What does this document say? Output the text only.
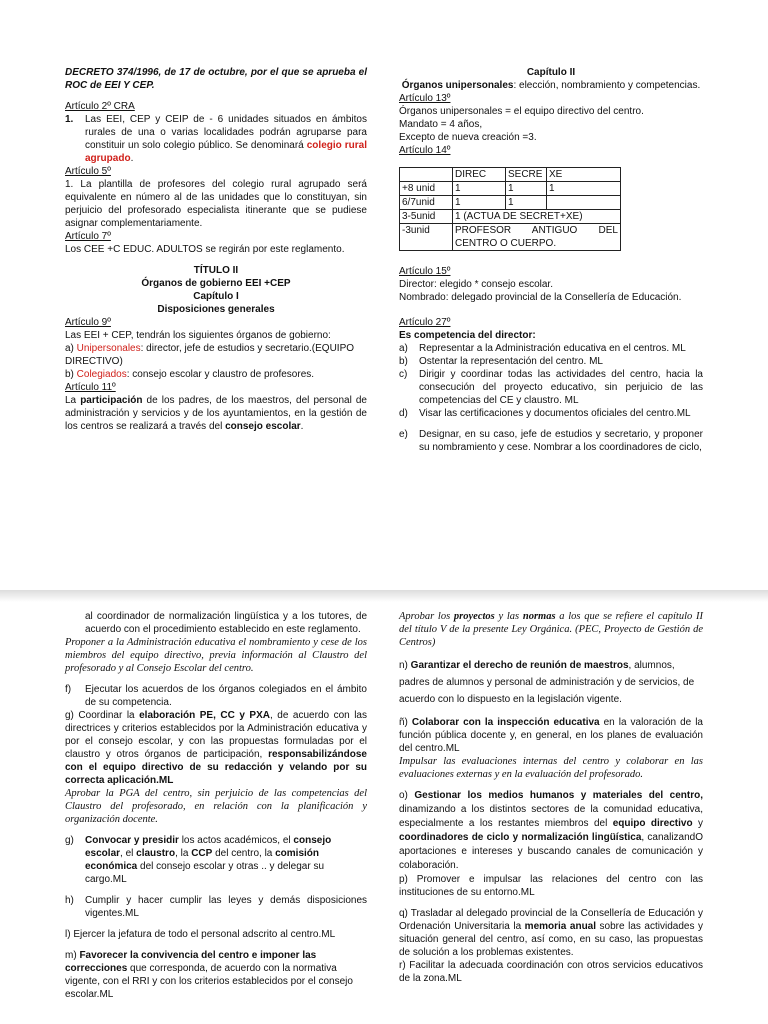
DECRETO 374/1996, de 17 de octubre, por el que se aprueba el ROC de EEI Y CEP.

Artículo 2º CRA

1.	Las EEI, CEP y CEIP de - 6 unidades situados en ámbitos rurales de una o varias localidades podrán agruparse para constituir un solo colegio público. Se denominará colegio rural agrupado.

Artículo 5º

1. La plantilla de profesores del colegio rural agrupado será equivalente en número al de las unidades que lo constituyan, sin perjuicio del profesorado especialista itinerante que se pudiese asignar complementariamente.

Artículo 7º

Los CEE +C EDUC. ADULTOS se regirán por este reglamento.

TÍTULO II

Órganos de gobierno EEI +CEP

Capítulo I

Disposiciones generales

Artículo 9º

Las EEI + CEP, tendrán los siguientes órganos de gobierno:

a) Unipersonales: director, jefe de estudios y secretario.(EQUIPO DIRECTIVO)

b) Colegiados: consejo escolar y claustro de profesores.

Artículo 11º

La participación de los padres, de los maestros, del personal de administración y servicios y de los ayuntamientos, en la gestión de los centros se realizará a través del consejo escolar.

Capítulo II

Órganos unipersonales: elección, nombramiento y competencias.

Artículo 13º

Órganos unipersonales = el equipo directivo del centro.

Mandato = 4 años,

Excepto de nueva creación =3.

Artículo 14º

	DIREC	SECRE	XE
+8 unid	1	1	1
6/7unid	1	1	
3-5unid	1 (ACTUA DE SECRET+XE)		
-3unid	PROFESOR ANTIGUO DEL CENTRO O CUERPO.		

Artículo 15º

Director: elegido * consejo escolar.

Nombrado: delegado provincial de la Consellería de Educación.

Artículo 27º

Es competencia del director:

a)	Representar a la Administración educativa en el centros. ML

b)	Ostentar la representación del centro. ML

c)	Dirigir y coordinar todas las actividades del centro, hacia la consecución del proyecto educativo, sin perjuicio de las competencias del CE y claustro. ML

d)	Visar las certificaciones y documentos oficiales del centro.ML

e)	Designar, en su caso, jefe de estudios y secretario, y proponer su nombramiento y cese. Nombrar a los coordinadores de ciclo,

al coordinador de normalización lingüística y a los tutores, de acuerdo con el procedimiento establecido en este reglamento.

Proponer a la Administración educativa el nombramiento y cese de los miembros del equipo directivo, previa información al Claustro del profesorado y al Consejo Escolar del centro.

f)	Ejecutar los acuerdos de los órganos colegiados en el ámbito de su competencia.

g) Coordinar la elaboración PE, CC y PXA, de acuerdo con las directrices y criterios establecidos por la Administración educativa y por el consejo escolar, y con las propuestas formuladas por el claustro y otros órganos de participación, responsabilizándose con el equipo directivo de su redacción y velando por su correcta aplicación.ML

Aprobar la PGA del centro, sin perjuicio de las competencias del Claustro del profesorado, en relación con la planificación y organización docente.

g)	Convocar y presidir los actos académicos, el consejo escolar, el claustro, la CCP del centro, la comisión económica del consejo escolar y otras .. y delegar su cargo.ML

h)	Cumplir y hacer cumplir las leyes y demás disposiciones vigentes.ML

l) Ejercer la jefatura de todo el personal adscrito al centro.ML

m) Favorecer la convivencia del centro e imponer las correcciones que corresponda, de acuerdo con la normativa vigente, con el RRI y con los criterios establecidos por el consejo escolar.ML

Aprobar los proyectos y las normas a los que se refiere el capítulo II del título V de la presente Ley Orgánica. (PEC, Proyecto de Gestión de Centros)

n) Garantizar el derecho de reunión de maestros, alumnos, padres de alumnos y personal de administración y de servicios, de acuerdo con lo dispuesto en la legislación vigente.

ñ) Colaborar con la inspección educativa en la valoración de la función pública docente y, en general, en los planes de evaluación del centro.ML

Impulsar las evaluaciones internas del centro y colaborar en las evaluaciones externas y en la evaluación del profesorado.

o) Gestionar los medios humanos y materiales del centro, dinamizando a los distintos sectores de la comunidad educativa, especialmente a los restantes miembros del equipo directivo y coordinadores de ciclo y normalización lingüística, canalizandO aportaciones e intereses y buscando canales de comunicación y colaboración.

p) Promover e impulsar las relaciones del centro con las instituciones de su entorno.ML

q) Trasladar al delegado provincial de la Consellería de Educación y Ordenación Universitaria la memoria anual sobre las actividades y situación general del centro, así como, en su caso, las propuestas de solución a los problemas existentes.

r) Facilitar la adecuada coordinación con otros servicios educativos de la zona.ML
